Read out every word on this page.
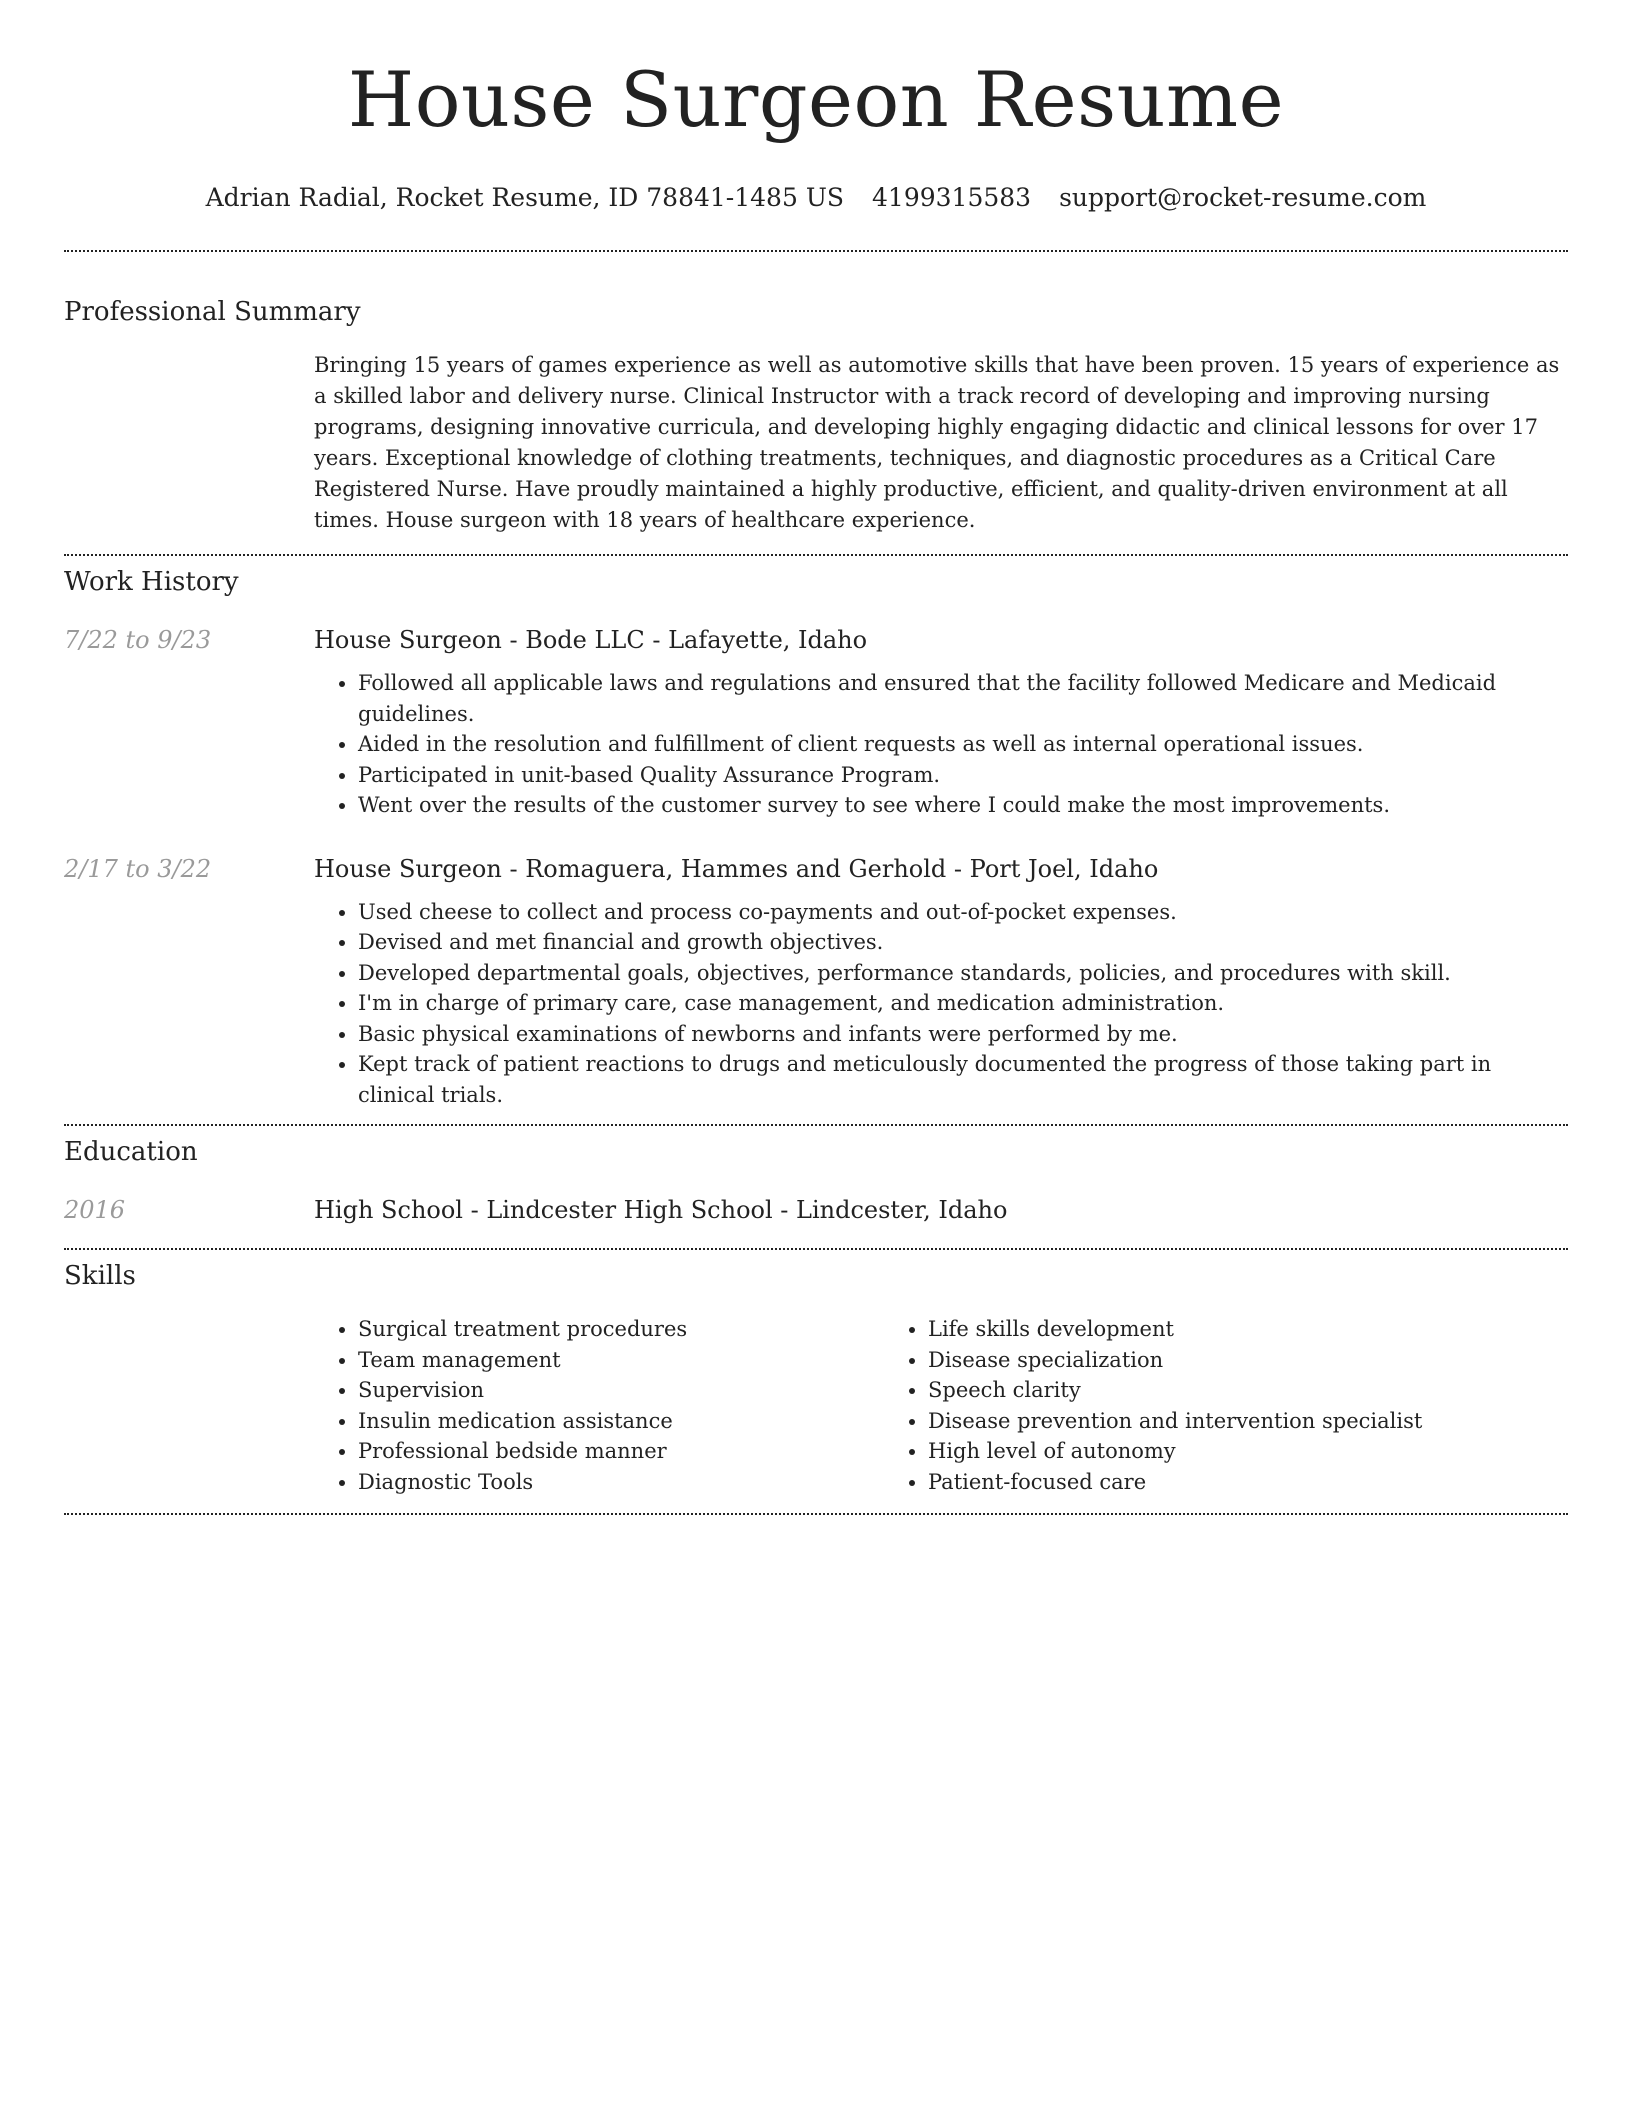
House Surgeon Resume
Adrian Radial, Rocket Resume, ID 78841-1485 US 4199315583 support@rocket-resume.com
Professional Summary

Bringing 15 years of games experience as well as automotive skills that have been proven. 15 years of experience as a skilled labor and delivery nurse. Clinical Instructor with a track record of developing and improving nursing programs, designing innovative curricula, and developing highly engaging didactic and clinical lessons for over 17 years. Exceptional knowledge of clothing treatments, techniques, and diagnostic procedures as a Critical Care Registered Nurse. Have proudly maintained a highly productive, efficient, and quality-driven environment at all times. House surgeon with 18 years of healthcare experience.

Work History
7/22 to 9/23	House Surgeon - Bode LLC - Lafayette, Idaho
• Followed all applicable laws and regulations and ensured that the facility followed Medicare and Medicaid guidelines.
• Aided in the resolution and fulfillment of client requests as well as internal operational issues.
• Participated in unit-based Quality Assurance Program.
• Went over the results of the customer survey to see where I could make the most improvements.
2/17 to 3/22	House Surgeon - Romaguera, Hammes and Gerhold - Port Joel, Idaho
• Used cheese to collect and process co-payments and out-of-pocket expenses.
• Devised and met financial and growth objectives.
• Developed departmental goals, objectives, performance standards, policies, and procedures with skill.
• I'm in charge of primary care, case management, and medication administration.
• Basic physical examinations of newborns and infants were performed by me.
• Kept track of patient reactions to drugs and meticulously documented the progress of those taking part in clinical trials.
Education
2016	High School - Lindcester High School - Lindcester, Idaho
Skills
• Surgical treatment procedures
• Team management
• Supervision
• Insulin medication assistance
• Professional bedside manner
• Diagnostic Tools
• Life skills development
• Disease specialization
• Speech clarity
• Disease prevention and intervention specialist
• High level of autonomy
• Patient-focused care
